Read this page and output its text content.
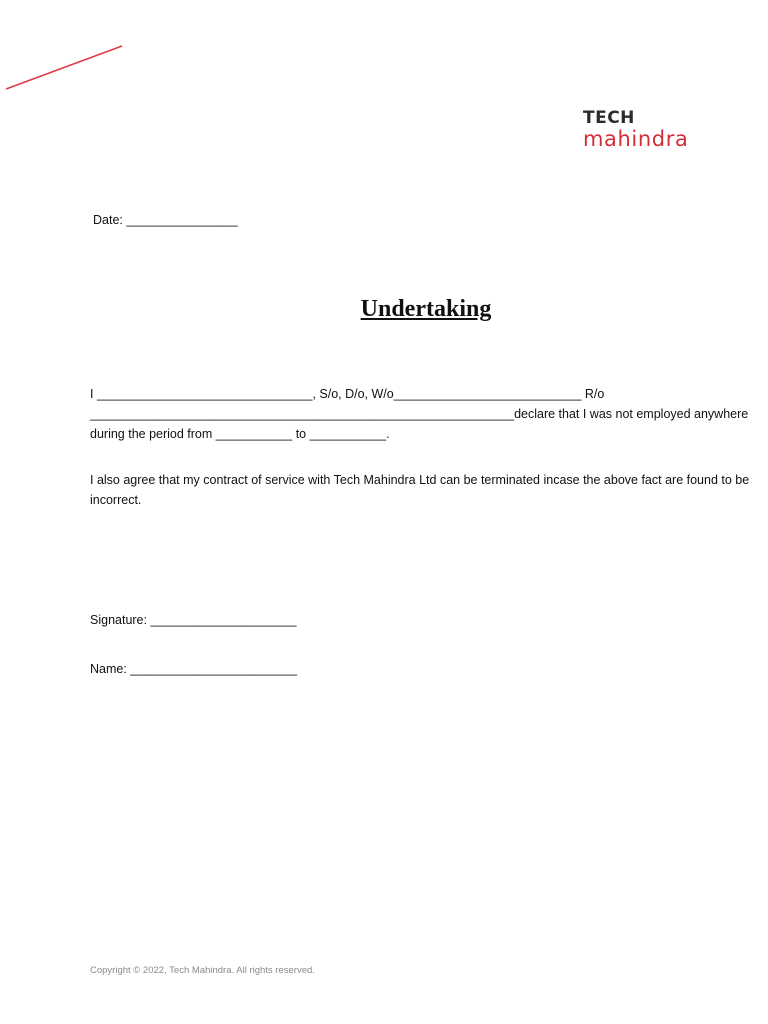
TECH
mahindra
Date: ________________
Undertaking
I _______________________________, S/o, D/o, W/o___________________________ R/o
_____________________________________________________________declare that I was not employed anywhere
during the period from ___________ to ___________.
I also agree that my contract of service with Tech Mahindra Ltd can be terminated incase the above fact are found to be
incorrect.
Signature: _____________________
Name: ________________________
Copyright © 2022, Tech Mahindra. All rights reserved.
